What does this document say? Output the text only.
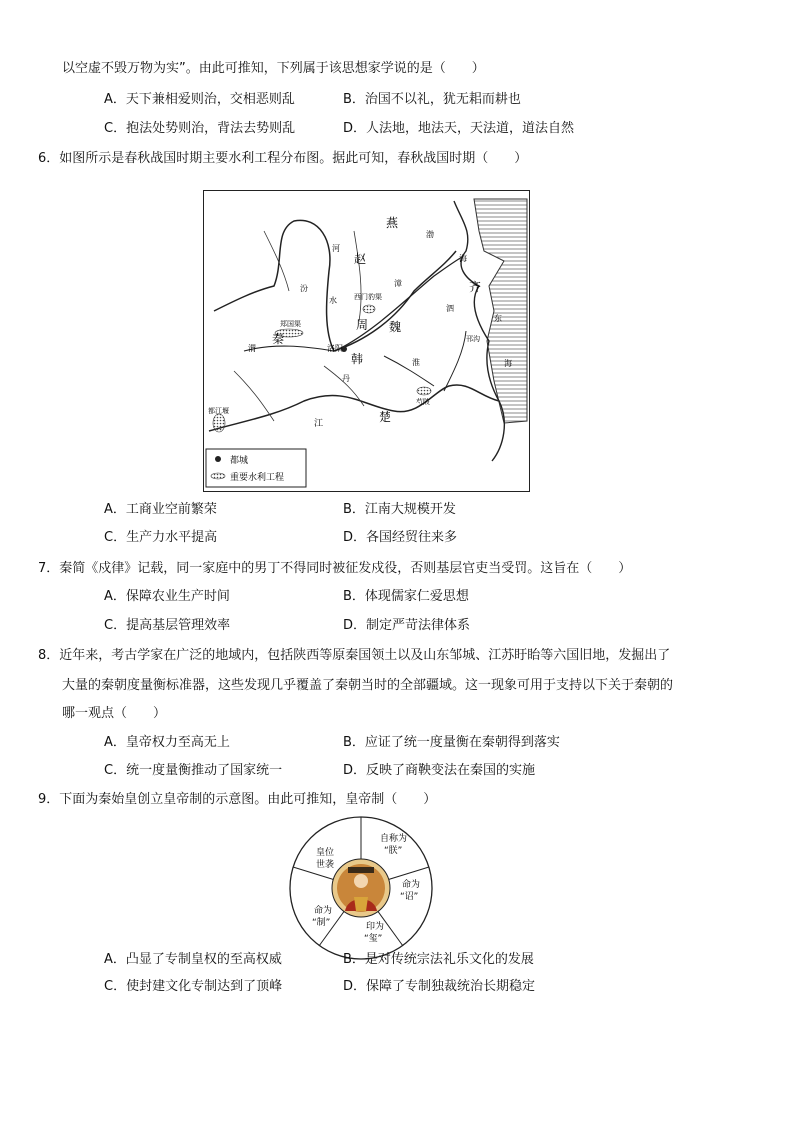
以空虚不毁万物为实”。由此可推知，下列属于该思想家学说的是（　　）
A．天下兼相爱则治，交相恶则乱	B．治国不以礼，犹无耜而耕也
C．抱法处势则治，背法去势则乱	D．人法地，地法天，天法道，道法自然
6．如图所示是春秋战国时期主要水利工程分布图。据此可知，春秋战国时期（　　）
燕
赵
齐
魏
周
韩
秦
楚
渤
海
东
海
洛阳
郑国渠
西门豹渠
芍陂
都江堰
邗沟
河
水
渭
江
汾
淮
泗
丹
漳
都城
重要水利工程
A．工商业空前繁荣	B．江南大规模开发
C．生产力水平提高	D．各国经贸往来多
7．秦简《戍律》记载，同一家庭中的男丁不得同时被征发戍役，否则基层官吏当受罚。这旨在（　　）
A．保障农业生产时间	B．体现儒家仁爱思想
C．提高基层管理效率	D．制定严苛法律体系
8．近年来，考古学家在广泛的地域内，包括陕西等原秦国领土以及山东邹城、江苏盱眙等六国旧地，发掘出了
大量的秦朝度量衡标准器，这些发现几乎覆盖了秦朝当时的全部疆域。这一现象可用于支持以下关于秦朝的
哪一观点（　　）
A．皇帝权力至高无上	B．应证了统一度量衡在秦朝得到落实
C．统一度量衡推动了国家统一	D．反映了商鞅变法在秦国的实施
9．下面为秦始皇创立皇帝制的示意图。由此可推知，皇帝制（　　）
自称为
“朕”
命为
“诏”
印为
“玺”
命为
“制”
皇位
世袭
A．凸显了专制皇权的至高权威	B．是对传统宗法礼乐文化的发展
C．使封建文化专制达到了顶峰	D．保障了专制独裁统治长期稳定
